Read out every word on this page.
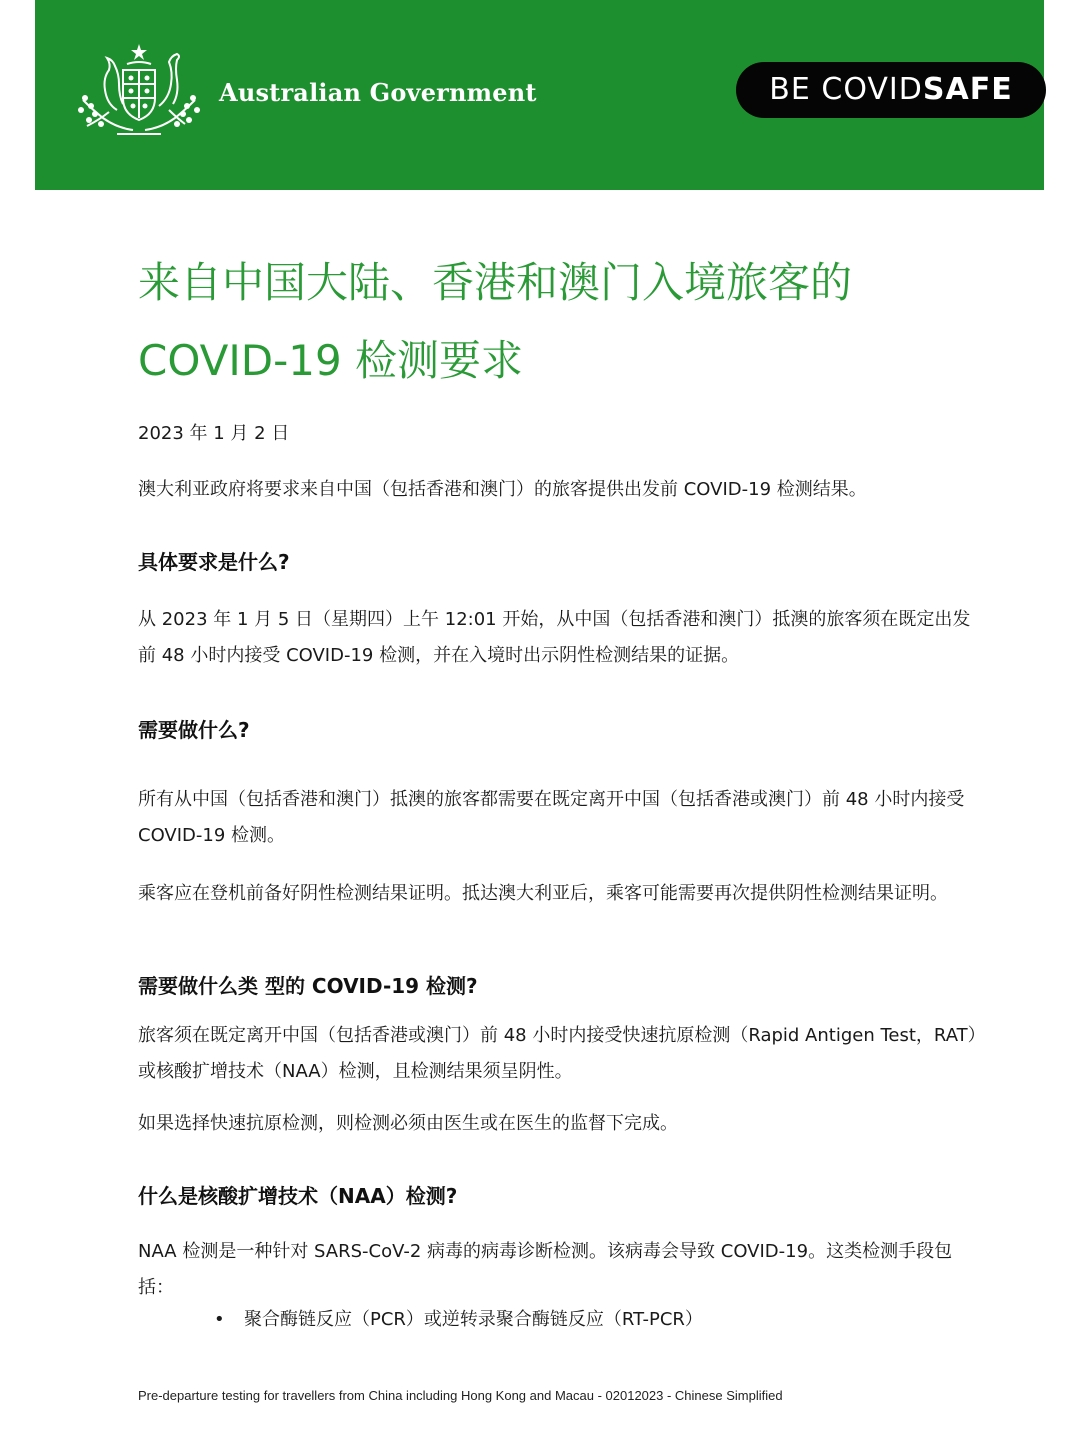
Australian Government	BE COVIDSAFE
来自中国大陆、香港和澳门入境旅客的
COVID-19 检测要求
2023 年 1 月 2 日
澳大利亚政府将要求来自中国（包括香港和澳门）的旅客提供出发前 COVID-19 检测结果。
具体要求是什么?
从 2023 年 1 月 5 日（星期四）上午 12:01 开始，从中国（包括香港和澳门）抵澳的旅客须在既定出发前 48 小时内接受 COVID-19 检测，并在入境时出示阴性检测结果的证据。
需要做什么?
所有从中国（包括香港和澳门）抵澳的旅客都需要在既定离开中国（包括香港或澳门）前 48 小时内接受 COVID-19 检测。
乘客应在登机前备好阴性检测结果证明。抵达澳大利亚后，乘客可能需要再次提供阴性检测结果证明。
需要做什么类 型的 COVID-19 检测?
旅客须在既定离开中国（包括香港或澳门）前 48 小时内接受快速抗原检测（Rapid Antigen Test，RAT）或核酸扩增技术（NAA）检测，且检测结果须呈阴性。
如果选择快速抗原检测，则检测必须由医生或在医生的监督下完成。
什么是核酸扩增技术（NAA）检测?
NAA 检测是一种针对 SARS-CoV-2 病毒的病毒诊断检测。该病毒会导致 COVID-19。这类检测手段包括：
• 聚合酶链反应（PCR）或逆转录聚合酶链反应（RT-PCR）
Pre-departure testing for travellers from China including Hong Kong and Macau - 02012023 - Chinese Simplified
